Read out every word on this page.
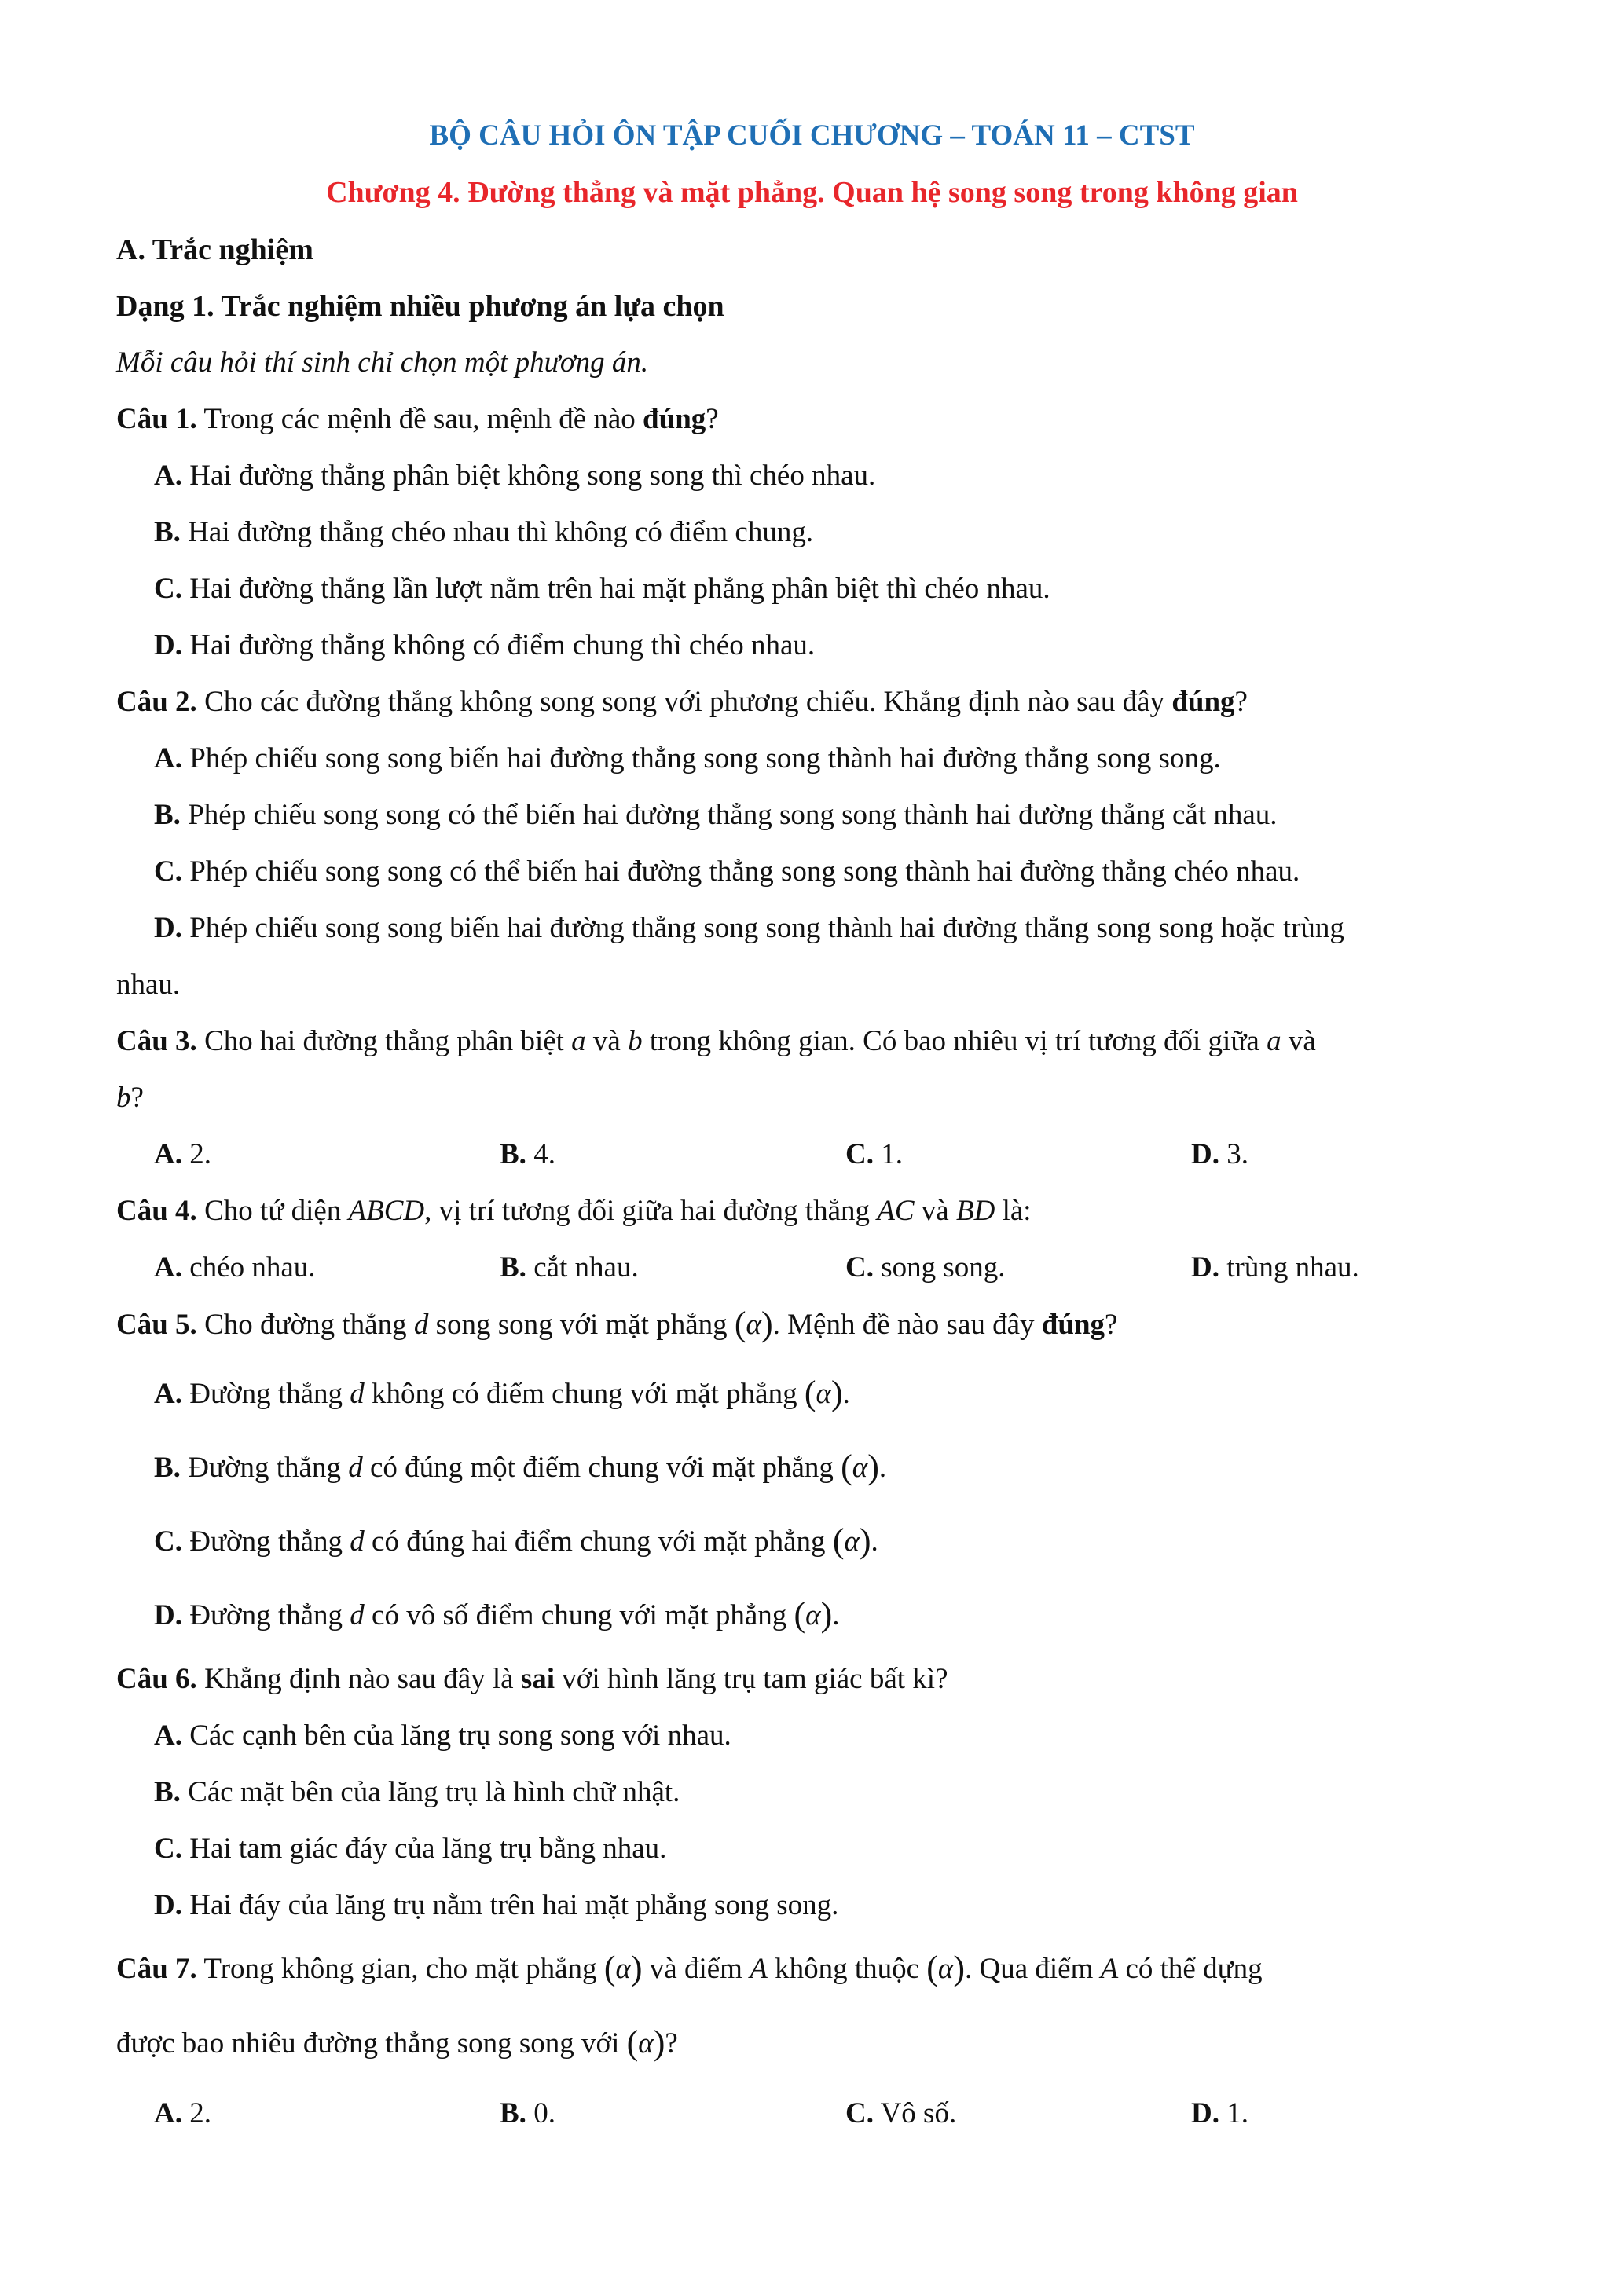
BỘ CÂU HỎI ÔN TẬP CUỐI CHƯƠNG – TOÁN 11 – CTST
Chương 4. Đường thẳng và mặt phẳng. Quan hệ song song trong không gian
A. Trắc nghiệm
Dạng 1. Trắc nghiệm nhiều phương án lựa chọn
Mỗi câu hỏi thí sinh chỉ chọn một phương án.
Câu 1. Trong các mệnh đề sau, mệnh đề nào đúng?
A. Hai đường thẳng phân biệt không song song thì chéo nhau.
B. Hai đường thẳng chéo nhau thì không có điểm chung.
C. Hai đường thẳng lần lượt nằm trên hai mặt phẳng phân biệt thì chéo nhau.
D. Hai đường thẳng không có điểm chung thì chéo nhau.
Câu 2. Cho các đường thẳng không song song với phương chiếu. Khẳng định nào sau đây đúng?
A. Phép chiếu song song biến hai đường thẳng song song thành hai đường thẳng song song.
B. Phép chiếu song song có thể biến hai đường thẳng song song thành hai đường thẳng cắt nhau.
C. Phép chiếu song song có thể biến hai đường thẳng song song thành hai đường thẳng chéo nhau.
D. Phép chiếu song song biến hai đường thẳng song song thành hai đường thẳng song song hoặc trùng
nhau.
Câu 3. Cho hai đường thẳng phân biệt a và b trong không gian. Có bao nhiêu vị trí tương đối giữa a và
b?
A. 2.	B. 4.	C. 1.	D. 3.
Câu 4. Cho tứ diện ABCD, vị trí tương đối giữa hai đường thẳng AC và BD là:
A. chéo nhau.	B. cắt nhau.	C. song song.	D. trùng nhau.
Câu 5. Cho đường thẳng d song song với mặt phẳng (α). Mệnh đề nào sau đây đúng?
A. Đường thẳng d không có điểm chung với mặt phẳng (α).
B. Đường thẳng d có đúng một điểm chung với mặt phẳng (α).
C. Đường thẳng d có đúng hai điểm chung với mặt phẳng (α).
D. Đường thẳng d có vô số điểm chung với mặt phẳng (α).
Câu 6. Khẳng định nào sau đây là sai với hình lăng trụ tam giác bất kì?
A. Các cạnh bên của lăng trụ song song với nhau.
B. Các mặt bên của lăng trụ là hình chữ nhật.
C. Hai tam giác đáy của lăng trụ bằng nhau.
D. Hai đáy của lăng trụ nằm trên hai mặt phẳng song song.
Câu 7. Trong không gian, cho mặt phẳng (α) và điểm A không thuộc (α). Qua điểm A có thể dựng
được bao nhiêu đường thẳng song song với (α)?
A. 2.	B. 0.	C. Vô số.	D. 1.
